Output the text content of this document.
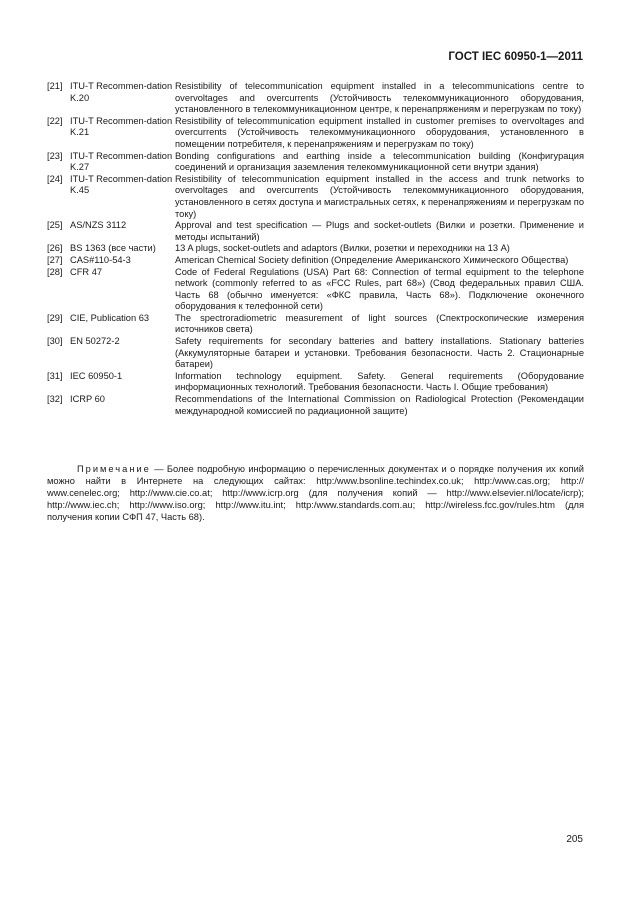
ГОСТ IEC 60950-1—2011
[21]	ITU-T Recommen-dation K.20	Resistibility of telecommunication equipment installed in a telecommunications centre to overvoltages and overcurrents (Устойчивость телекоммуникационного оборудования, установленного в телекоммуникационном центре, к перенапряжениям и перегрузкам по току)
[22]	ITU-T Recommen-dation K.21	Resistibility of telecommunication equipment installed in customer premises to overvoltages and overcurrents (Устойчивость телекоммуникационного оборудования, установленного в помещении потребителя, к перенапряжениям и перегрузкам по току)
[23]	ITU-T Recommen-dation K.27	Bonding configurations and earthing inside a telecommunication building (Конфигурация соединений и организация заземления телекоммуникационной сети внутри здания)
[24]	ITU-T Recommen-dation K.45	Resistibility of telecommunication equipment installed in the access and trunk networks to overvoltages and overcurrents (Устойчивость телекоммуникационного оборудования, установленного в сетях доступа и магистральных сетях, к перенапряжениям и перегрузкам по току)
[25]	AS/NZS 3112	Approval and test specification — Plugs and socket-outlets (Вилки и розетки. Применение и методы испытаний)
[26]	BS 1363 (все части)	13 A plugs, socket-outlets and adaptors (Вилки, розетки и переходники на 13 А)
[27]	CAS#110-54-3	American Chemical Society definition (Определение Американского Химического Общества)
[28]	CFR 47	Code of Federal Regulations (USA) Part 68: Connection of termal equipment to the telephone network (commonly referred to as «FCC Rules, part 68») (Свод федеральных правил США. Часть 68 (обычно именуется: «ФКС правила, Часть 68»). Подключение оконечного оборудования к телефонной сети)
[29]	CIE, Publication 63	The spectroradiometric measurement of light sources (Спектроскопические измерения источников света)
[30]	EN 50272-2	Safety requirements for secondary batteries and battery installations. Stationary batteries (Аккумуляторные батареи и установки. Требования безопасности. Часть 2. Стационарные батареи)
[31]	IEC 60950-1	Information technology equipment. Safety. General requirements (Оборудование информационных технологий. Требования безопасности. Часть I. Общие требования)
[32]	ICRP 60	Recommendations of the International Commission on Radiological Protection (Рекомендации международной комиссией по радиационной защите)

Примечание — Более подробную информацию о перечисленных документах и о порядке получения их копий можно найти в Интернете на следующих сайтах: http:/www.bsonline.techindex.co.uk; http:/www.cas.org; http:// www.cenelec.org; http://www.cie.co.at; http://www.icrp.org (для получения копий — http://www.elsevier.nl/locate/icrp); http://www.iec.ch; http://www.iso.org; http://www.itu.int; http:/www.standards.com.au; http://wireless.fcc.gov/rules.htm (для получения копии СФП 47, Часть 68).

205
